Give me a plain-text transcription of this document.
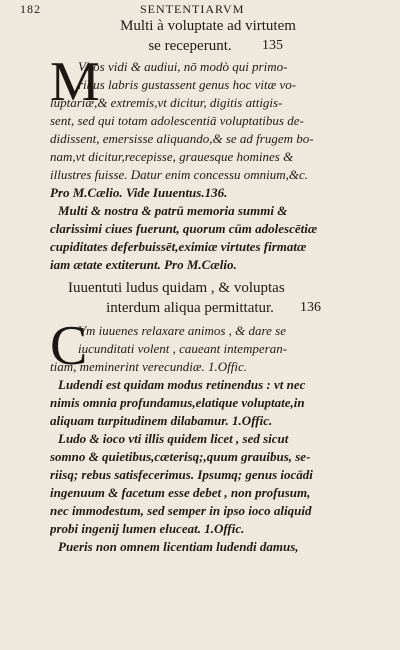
182	SENTENTIARVM
Multi à voluptate ad virtutem
se receperunt.	135
M
Vltos vidi & audiui, nō modò qui primo-
ribus labris gustassent genus hoc vitæ vo-
luptariæ,& extremis,vt dicitur, digitis attigis-
sent, sed qui totam adolescentiā voluptatibus de-
didissent, emersisse aliquando,& se ad frugem bo-
nam,vt dicitur,recepisse, grauesque homines &
illustres fuisse. Datur enim concessu omnium,&c.
Pro M.Cælio. Vide Iuuentus.136.
Multi & nostra & patrū memoria summi &
clarissimi ciues fuerunt, quorum cūm adolescētiæ
cupiditates deferbuissēt,eximiæ virtutes firmatæ
iam ætate extiterunt. Pro M.Cælio.
Iuuentuti ludus quidam , & voluptas
interdum aliqua permittatur.	136
C
Vm iuuenes relaxare animos , & dare se
iucunditati volent , caueant intemperan-
tiam, meminerint verecundiæ. 1.Offic.
Ludendi est quidam modus retinendus : vt nec
nimis omnia profundamus,elatique voluptate,in
aliquam turpitudinem dilabamur. 1.Offic.
Ludo & ioco vti illis quidem licet , sed sicut
somno & quietibus,cæterisq;,quum grauibus, se-
riisq; rebus satisfecerimus. Ipsumq; genus iocādi
ingenuum & facetum esse debet , non profusum,
nec immodestum, sed semper in ipso ioco aliquid
probi ingenij lumen eluceat. 1.Offic.
Pueris non omnem licentiam ludendi damus,
